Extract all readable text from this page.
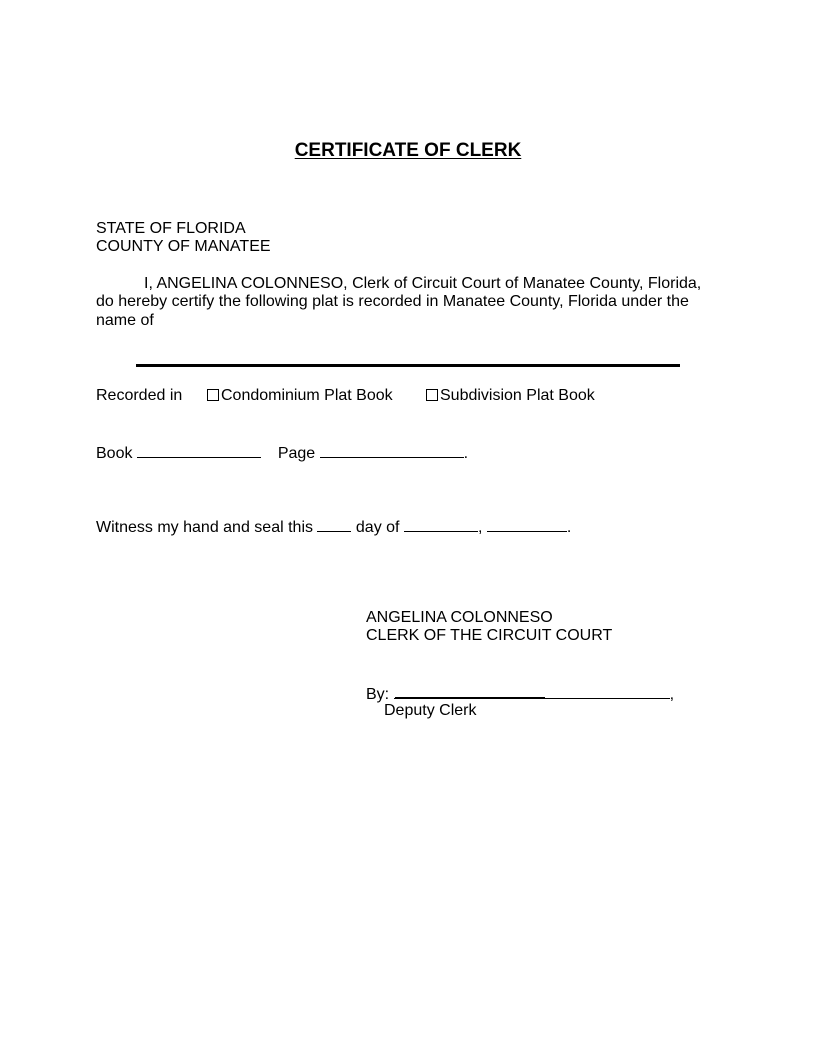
CERTIFICATE OF CLERK
STATE OF FLORIDA
COUNTY OF MANATEE
I, ANGELINA COLONNESO, Clerk of Circuit Court of Manatee County, Florida,
do hereby certify the following plat is recorded in Manatee County, Florida under the
name of
Recorded in	Condominium Plat Book	Subdivision Plat Book
Book	Page	.
Witness my hand and seal this	day of	,	.
ANGELINA COLONNESO
CLERK OF THE CIRCUIT COURT
By:	,
Deputy Clerk
